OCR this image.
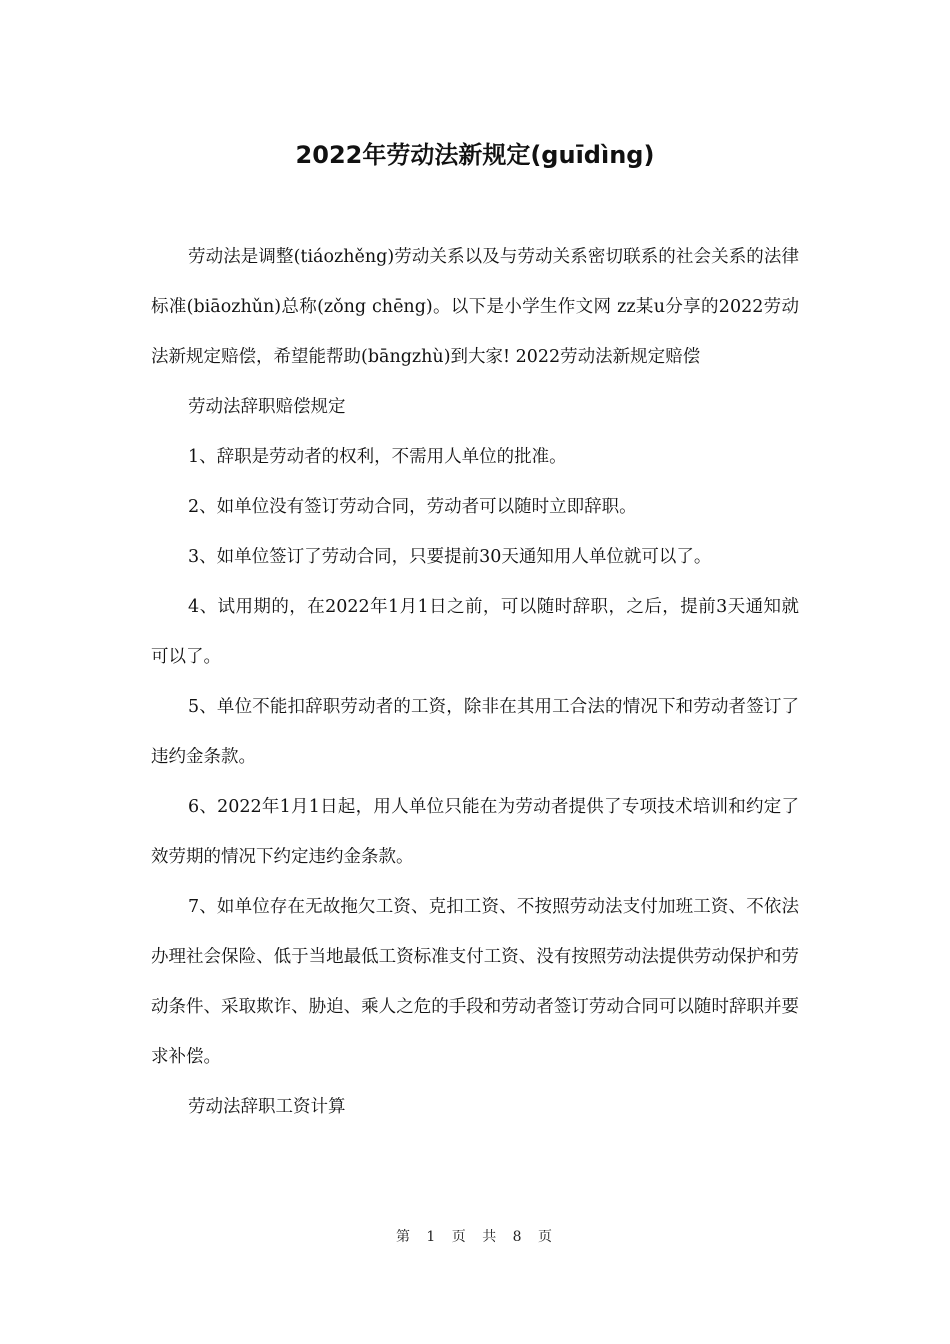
2022年劳动法新规定(guīdìng)

劳动法是调整(tiáozhěng)劳动关系以及与劳动关系密切联系的社会关系的法律标准(biāozhǔn)总称(zǒng chēng)。以下是小学生作文网 zz某u分享的2022劳动法新规定赔偿，希望能帮助(bāngzhù)到大家! 2022劳动法新规定赔偿

劳动法辞职赔偿规定

1、辞职是劳动者的权利，不需用人单位的批准。

2、如单位没有签订劳动合同，劳动者可以随时立即辞职。

3、如单位签订了劳动合同，只要提前30天通知用人单位就可以了。

4、试用期的，在2022年1月1日之前，可以随时辞职，之后，提前3天通知就可以了。

5、单位不能扣辞职劳动者的工资，除非在其用工合法的情况下和劳动者签订了违约金条款。

6、2022年1月1日起，用人单位只能在为劳动者提供了专项技术培训和约定了效劳期的情况下约定违约金条款。

7、如单位存在无故拖欠工资、克扣工资、不按照劳动法支付加班工资、不依法办理社会保险、低于当地最低工资标准支付工资、没有按照劳动法提供劳动保护和劳动条件、采取欺诈、胁迫、乘人之危的手段和劳动者签订劳动合同可以随时辞职并要求补偿。

劳动法辞职工资计算

第 1 页 共 8 页
